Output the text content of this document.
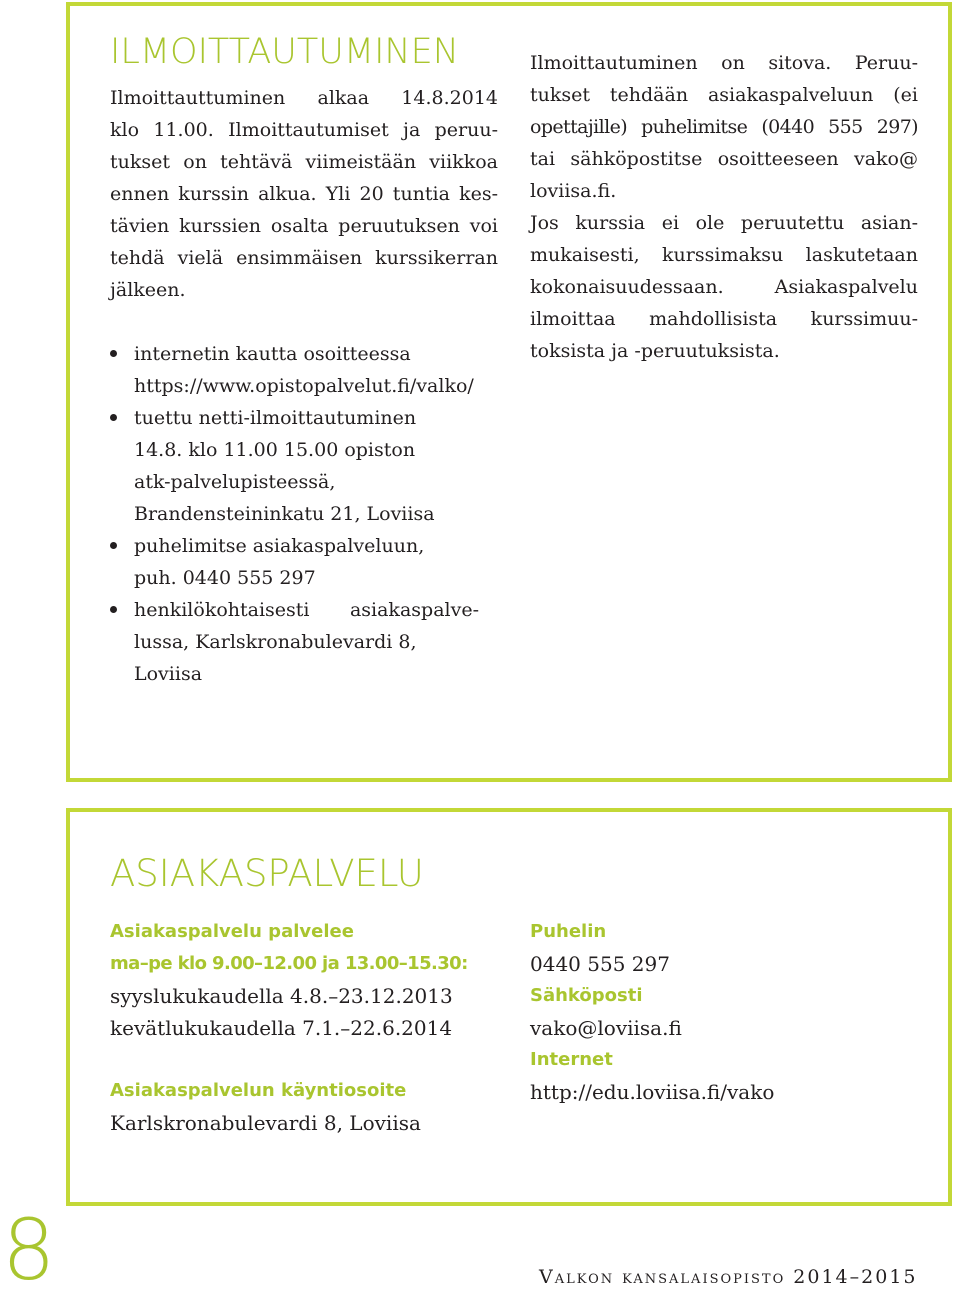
ILMOITTAUTUMINEN

Ilmoittauttuminen alkaa 14.8.2014

klo 11.00. Ilmoittautumiset ja peruu-

tukset on tehtävä viimeistään viikkoa

ennen kurssin alkua. Yli 20 tuntia kes-

tävien kurssien osalta peruutuksen voi

tehdä vielä ensimmäisen kurssikerran

jälkeen.

internetin kautta osoitteessa
https://www.opistopalvelut.fi/valko/
tuettu netti-ilmoittautuminen
14.8. klo 11.00 15.00 opiston
atk-palvelupisteessä,
Brandensteininkatu 21, Loviisa
puhelimitse asiakaspalveluun,
puh. 0440 555 297
henkilökohtaisesti asiakaspalve-
lussa, Karlskronabulevardi 8,
Loviisa

Ilmoittautuminen on sitova. Peruu-

tukset tehdään asiakaspalveluun (ei

opettajille) puhelimitse (0440 555 297)

tai sähköpostitse osoitteeseen vako@

loviisa.fi.

Jos kurssia ei ole peruutettu asian-

mukaisesti, kurssimaksu laskutetaan

kokonaisuudessaan. Asiakaspalvelu

ilmoittaa mahdollisista kurssimuu-

toksista ja -peruutuksista.

ASIAKASPALVELU
Asiakaspalvelu palvelee
ma–pe klo 9.00–12.00 ja 13.00–15.30:
syyslukukaudella 4.8.–23.12.2013
kevätlukukaudella 7.1.–22.6.2014
Asiakaspalvelun käyntiosoite
Karlskronabulevardi 8, Loviisa
Puhelin
0440 555 297
Sähköposti
vako@loviisa.fi
Internet
http://edu.loviisa.fi/vako
8	Valkon kansalaisopisto 2014–2015
